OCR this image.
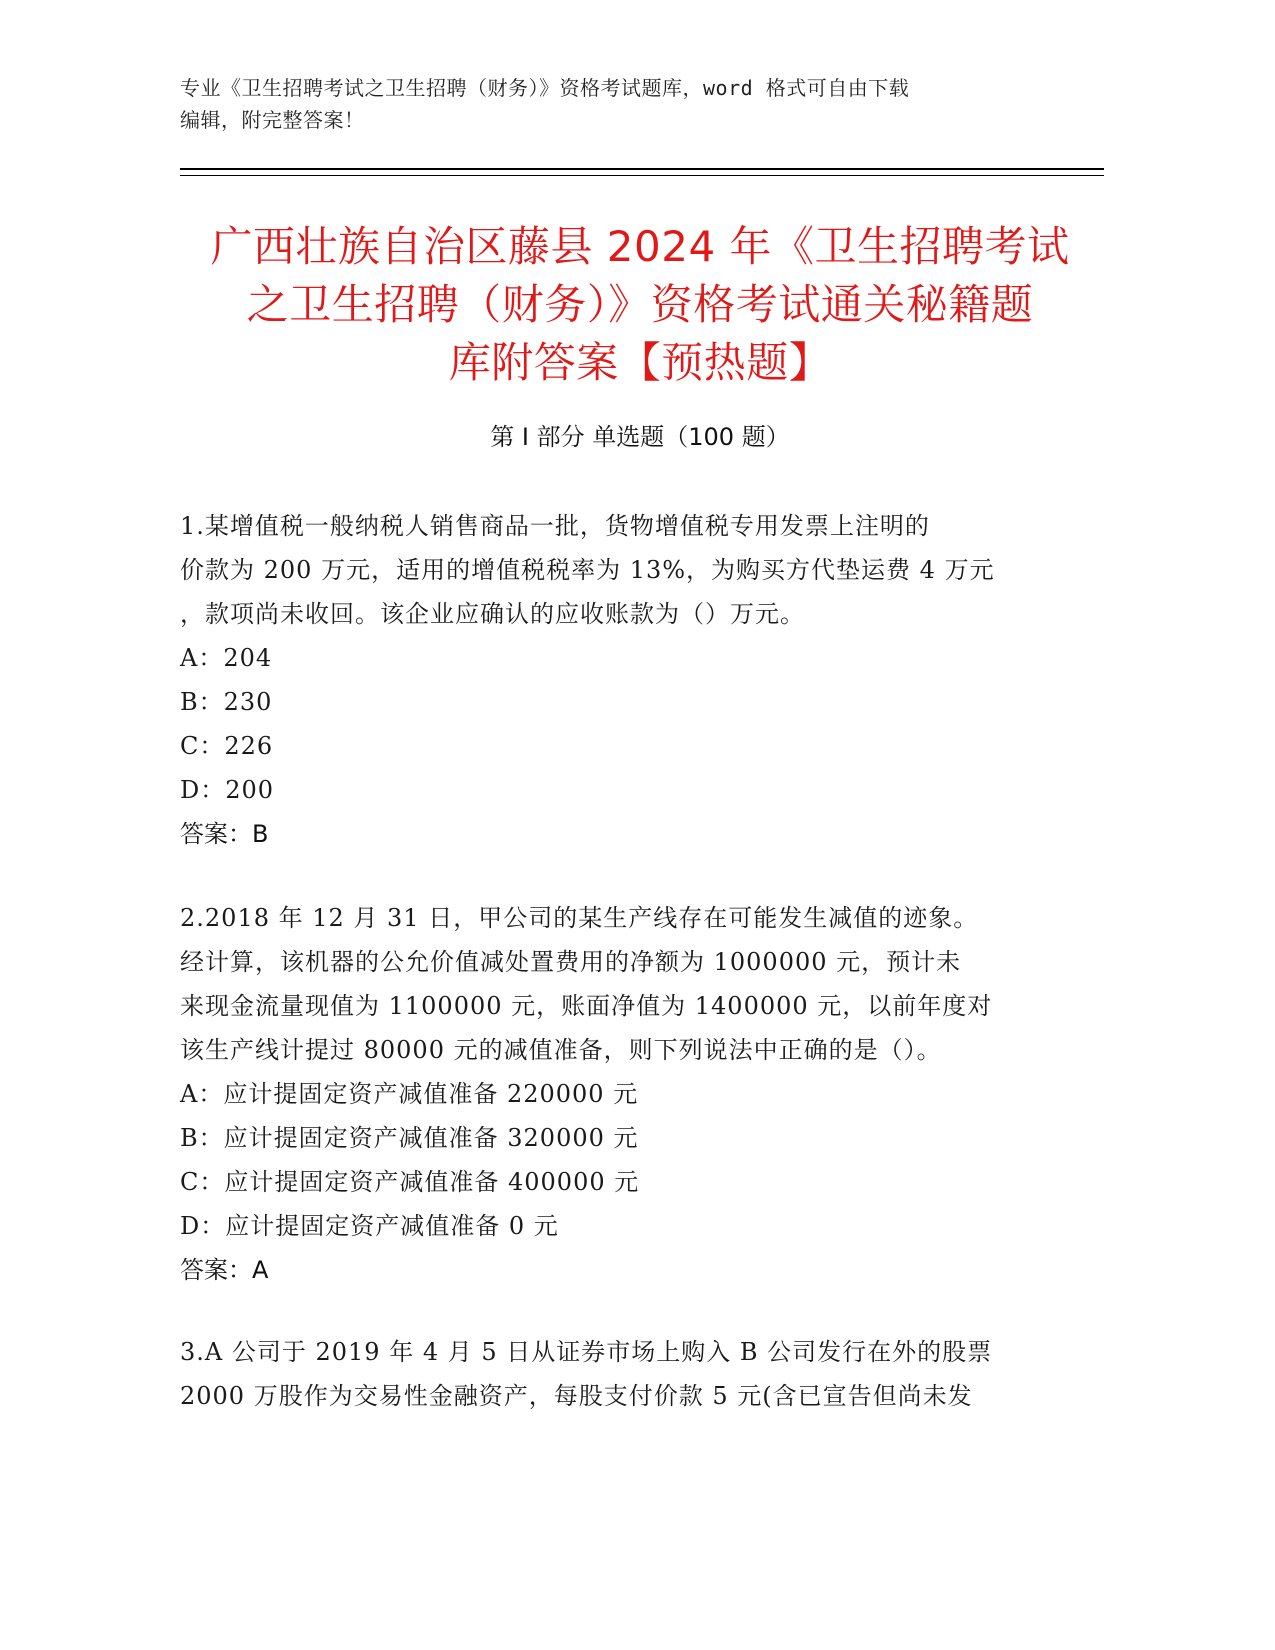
专业《卫生招聘考试之卫生招聘（财务）》资格考试题库，word 格式可自由下载
编辑，附完整答案！
广西壮族自治区藤县 2024 年《卫生招聘考试
之卫生招聘（财务）》资格考试通关秘籍题
库附答案【预热题】
第 I 部分 单选题（100 题）
1.某增值税一般纳税人销售商品一批，货物增值税专用发票上注明的
价款为 200 万元，适用的增值税税率为 13%，为购买方代垫运费 4 万元
，款项尚未收回。该企业应确认的应收账款为（）万元。
A：204
B：230
C：226
D：200
答案：B
2.2018 年 12 月 31 日，甲公司的某生产线存在可能发生减值的迹象。
经计算，该机器的公允价值减处置费用的净额为 1000000 元，预计未
来现金流量现值为 1100000 元，账面净值为 1400000 元，以前年度对
该生产线计提过 80000 元的减值准备，则下列说法中正确的是（）。
A：应计提固定资产减值准备 220000 元
B：应计提固定资产减值准备 320000 元
C：应计提固定资产减值准备 400000 元
D：应计提固定资产减值准备 0 元
答案：A
3.A 公司于 2019 年 4 月 5 日从证券市场上购入 B 公司发行在外的股票
2000 万股作为交易性金融资产，每股支付价款 5 元(含已宣告但尚未发
